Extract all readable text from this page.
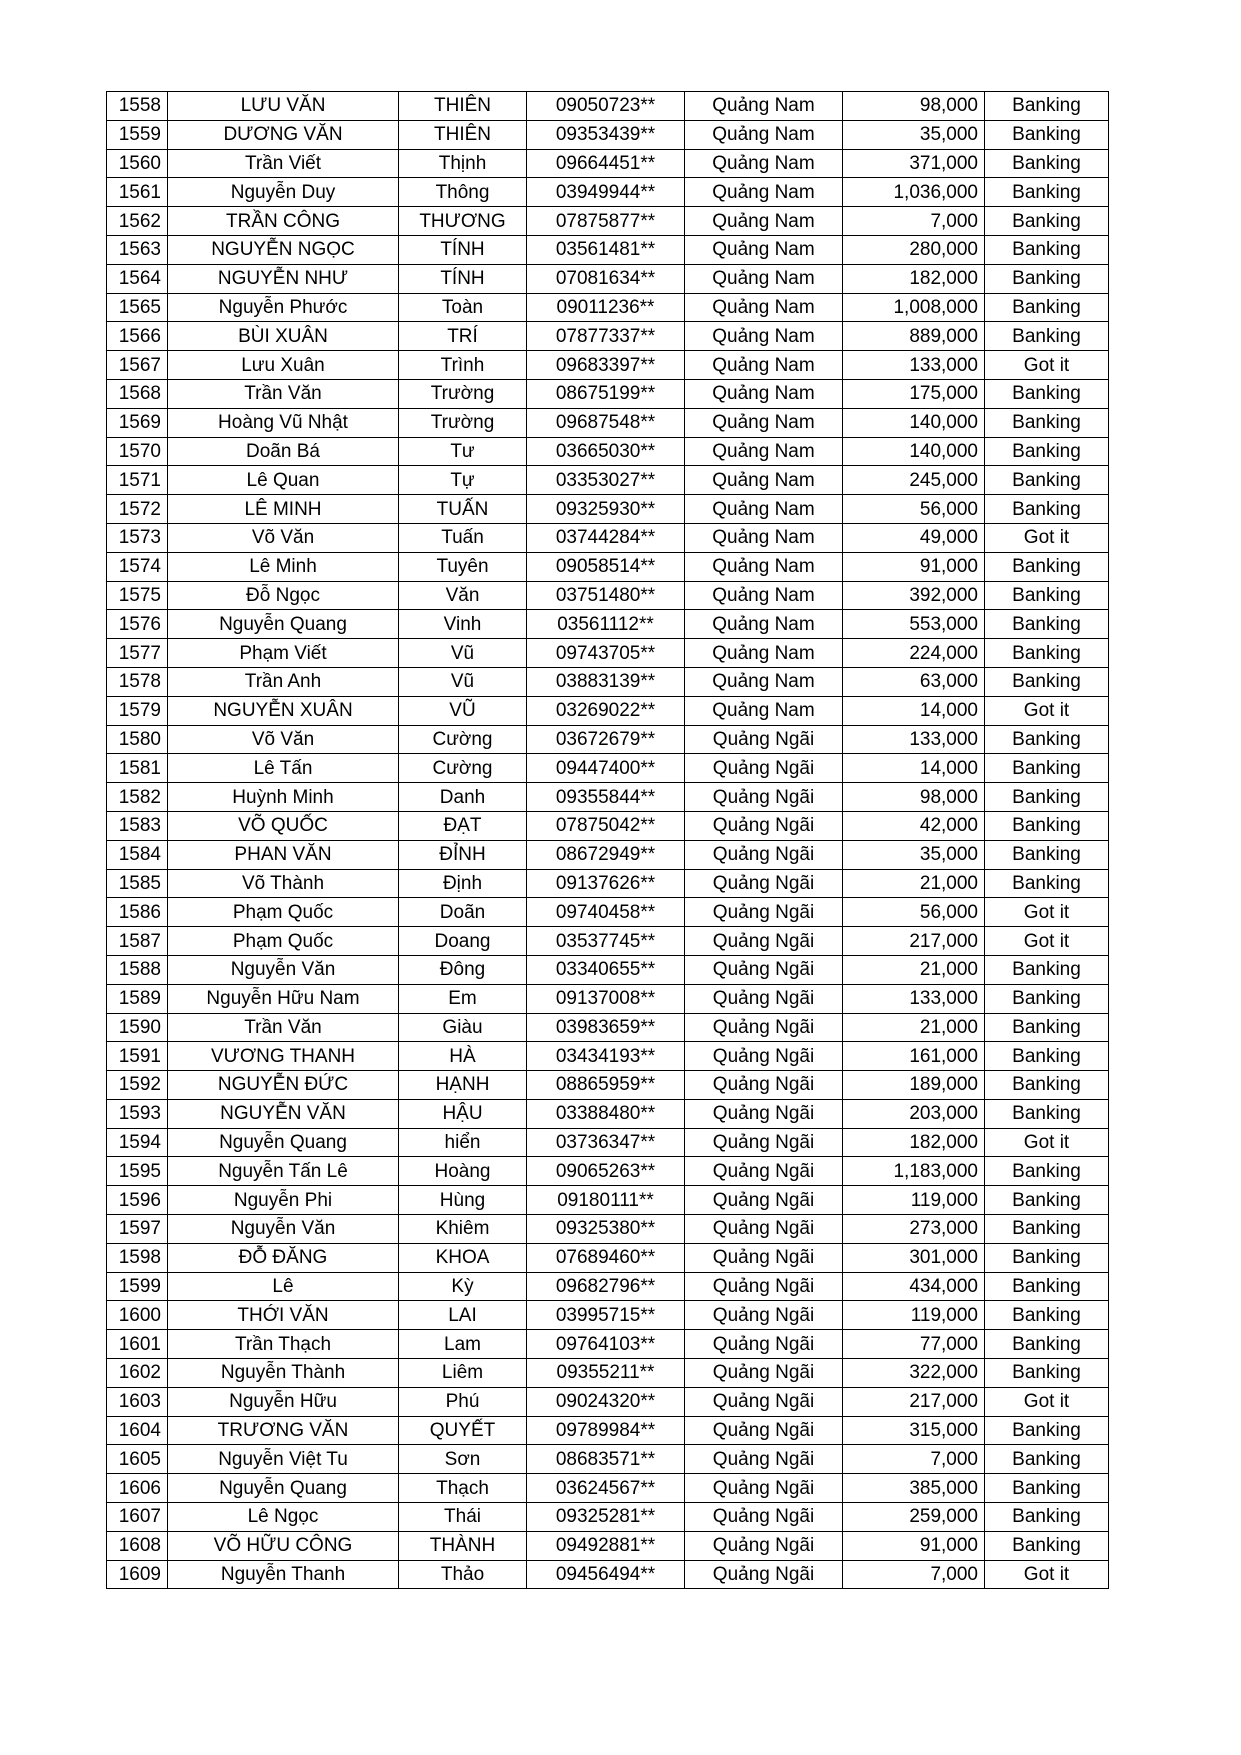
1558	LƯU VĂN	THIÊN	09050723**	Quảng Nam	98,000	Banking
1559	DƯƠNG VĂN	THIÊN	09353439**	Quảng Nam	35,000	Banking
1560	Trần Viết	Thịnh	09664451**	Quảng Nam	371,000	Banking
1561	Nguyễn Duy	Thông	03949944**	Quảng Nam	1,036,000	Banking
1562	TRẦN CÔNG	THƯƠNG	07875877**	Quảng Nam	7,000	Banking
1563	NGUYỄN NGỌC	TÍNH	03561481**	Quảng Nam	280,000	Banking
1564	NGUYỄN NHƯ	TÍNH	07081634**	Quảng Nam	182,000	Banking
1565	Nguyễn Phước	Toàn	09011236**	Quảng Nam	1,008,000	Banking
1566	BÙI XUÂN	TRÍ	07877337**	Quảng Nam	889,000	Banking
1567	Lưu Xuân	Trình	09683397**	Quảng Nam	133,000	Got it
1568	Trần Văn	Trường	08675199**	Quảng Nam	175,000	Banking
1569	Hoàng Vũ Nhật	Trường	09687548**	Quảng Nam	140,000	Banking
1570	Doãn Bá	Tư	03665030**	Quảng Nam	140,000	Banking
1571	Lê Quan	Tự	03353027**	Quảng Nam	245,000	Banking
1572	LÊ MINH	TUẤN	09325930**	Quảng Nam	56,000	Banking
1573	Võ Văn	Tuấn	03744284**	Quảng Nam	49,000	Got it
1574	Lê Minh	Tuyên	09058514**	Quảng Nam	91,000	Banking
1575	Đỗ Ngọc	Văn	03751480**	Quảng Nam	392,000	Banking
1576	Nguyễn Quang	Vinh	03561112**	Quảng Nam	553,000	Banking
1577	Phạm Viết	Vũ	09743705**	Quảng Nam	224,000	Banking
1578	Trần Anh	Vũ	03883139**	Quảng Nam	63,000	Banking
1579	NGUYỄN XUÂN	VŨ	03269022**	Quảng Nam	14,000	Got it
1580	Võ Văn	Cường	03672679**	Quảng Ngãi	133,000	Banking
1581	Lê Tấn	Cường	09447400**	Quảng Ngãi	14,000	Banking
1582	Huỳnh Minh	Danh	09355844**	Quảng Ngãi	98,000	Banking
1583	VÕ QUỐC	ĐẠT	07875042**	Quảng Ngãi	42,000	Banking
1584	PHAN VĂN	ĐỈNH	08672949**	Quảng Ngãi	35,000	Banking
1585	Võ Thành	Định	09137626**	Quảng Ngãi	21,000	Banking
1586	Phạm Quốc	Doãn	09740458**	Quảng Ngãi	56,000	Got it
1587	Phạm Quốc	Doang	03537745**	Quảng Ngãi	217,000	Got it
1588	Nguyễn Văn	Đông	03340655**	Quảng Ngãi	21,000	Banking
1589	Nguyễn Hữu Nam	Em	09137008**	Quảng Ngãi	133,000	Banking
1590	Trần Văn	Giàu	03983659**	Quảng Ngãi	21,000	Banking
1591	VƯƠNG THANH	HÀ	03434193**	Quảng Ngãi	161,000	Banking
1592	NGUYỄN ĐỨC	HẠNH	08865959**	Quảng Ngãi	189,000	Banking
1593	NGUYỄN VĂN	HẬU	03388480**	Quảng Ngãi	203,000	Banking
1594	Nguyễn Quang	hiển	03736347**	Quảng Ngãi	182,000	Got it
1595	Nguyễn Tấn Lê	Hoàng	09065263**	Quảng Ngãi	1,183,000	Banking
1596	Nguyễn Phi	Hùng	09180111**	Quảng Ngãi	119,000	Banking
1597	Nguyễn Văn	Khiêm	09325380**	Quảng Ngãi	273,000	Banking
1598	ĐỖ ĐĂNG	KHOA	07689460**	Quảng Ngãi	301,000	Banking
1599	Lê	Kỳ	09682796**	Quảng Ngãi	434,000	Banking
1600	THỚI VĂN	LAI	03995715**	Quảng Ngãi	119,000	Banking
1601	Trần Thạch	Lam	09764103**	Quảng Ngãi	77,000	Banking
1602	Nguyễn Thành	Liêm	09355211**	Quảng Ngãi	322,000	Banking
1603	Nguyễn Hữu	Phú	09024320**	Quảng Ngãi	217,000	Got it
1604	TRƯƠNG VĂN	QUYẾT	09789984**	Quảng Ngãi	315,000	Banking
1605	Nguyễn Việt Tu	Sơn	08683571**	Quảng Ngãi	7,000	Banking
1606	Nguyễn Quang	Thạch	03624567**	Quảng Ngãi	385,000	Banking
1607	Lê Ngọc	Thái	09325281**	Quảng Ngãi	259,000	Banking
1608	VÕ HỮU CÔNG	THÀNH	09492881**	Quảng Ngãi	91,000	Banking
1609	Nguyễn Thanh	Thảo	09456494**	Quảng Ngãi	7,000	Got it
